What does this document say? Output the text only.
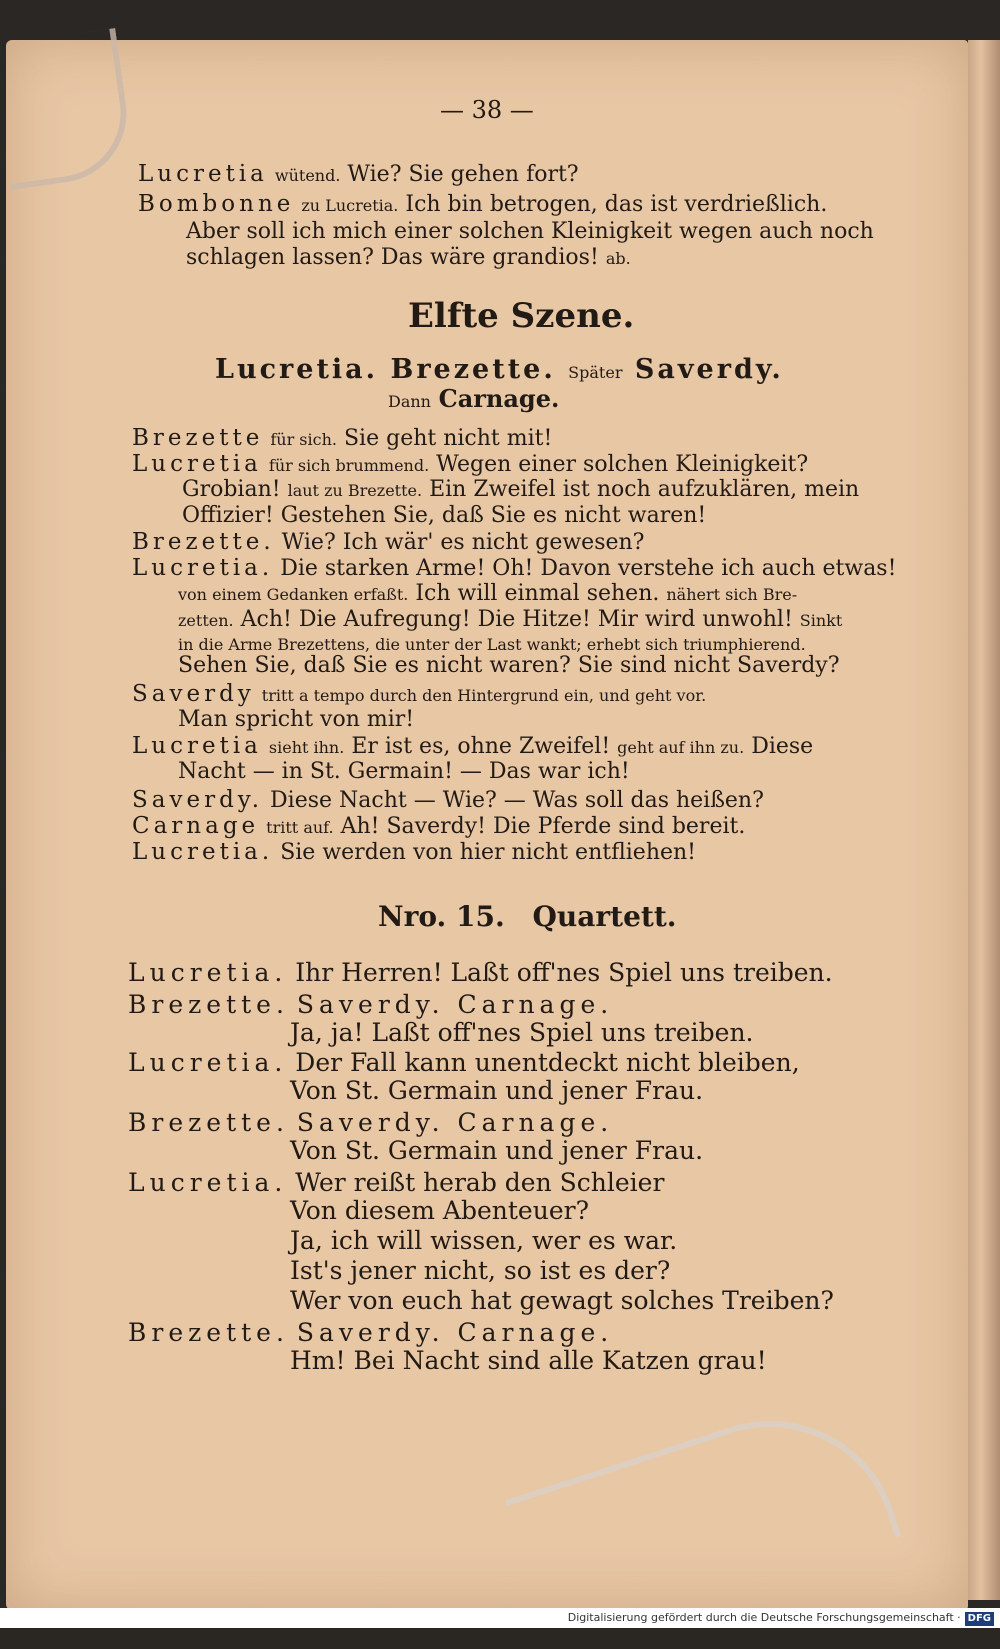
— 38 —
Lucretia wütend. Wie? Sie gehen fort?
Bombonne zu Lucretia. Ich bin betrogen, das ist verdrießlich.
Aber soll ich mich einer solchen Kleinigkeit wegen auch noch
schlagen lassen? Das wäre grandios! ab.
Elfte Szene.
Lucretia. Brezette. Später Saverdy.
Dann Carnage.
Brezette für sich. Sie geht nicht mit!
Lucretia für sich brummend. Wegen einer solchen Kleinigkeit?
Grobian! laut zu Brezette. Ein Zweifel ist noch aufzuklären, mein
Offizier! Gestehen Sie, daß Sie es nicht waren!
Brezette. Wie? Ich wär' es nicht gewesen?
Lucretia. Die starken Arme! Oh! Davon verstehe ich auch etwas!
von einem Gedanken erfaßt. Ich will einmal sehen. nähert sich Bre-
zetten. Ach! Die Aufregung! Die Hitze! Mir wird unwohl! Sinkt
in die Arme Brezettens, die unter der Last wankt; erhebt sich triumphierend.
Sehen Sie, daß Sie es nicht waren? Sie sind nicht Saverdy?
Saverdy tritt a tempo durch den Hintergrund ein, und geht vor.
Man spricht von mir!
Lucretia sieht ihn. Er ist es, ohne Zweifel! geht auf ihn zu. Diese
Nacht — in St. Germain! — Das war ich!
Saverdy. Diese Nacht — Wie? — Was soll das heißen?
Carnage tritt auf. Ah! Saverdy! Die Pferde sind bereit.
Lucretia. Sie werden von hier nicht entfliehen!
Nro. 15. Quartett.
Lucretia. Ihr Herren! Laßt off'nes Spiel uns treiben.
Brezette. Saverdy. Carnage.
Ja, ja! Laßt off'nes Spiel uns treiben.
Lucretia. Der Fall kann unentdeckt nicht bleiben,
Von St. Germain und jener Frau.
Brezette. Saverdy. Carnage.
Von St. Germain und jener Frau.
Lucretia. Wer reißt herab den Schleier
Von diesem Abenteuer?
Ja, ich will wissen, wer es war.
Ist's jener nicht, so ist es der?
Wer von euch hat gewagt solches Treiben?
Brezette. Saverdy. Carnage.
Hm! Bei Nacht sind alle Katzen grau!
Digitalisierung gefördert durch die Deutsche Forschungsgemeinschaft · DFG
